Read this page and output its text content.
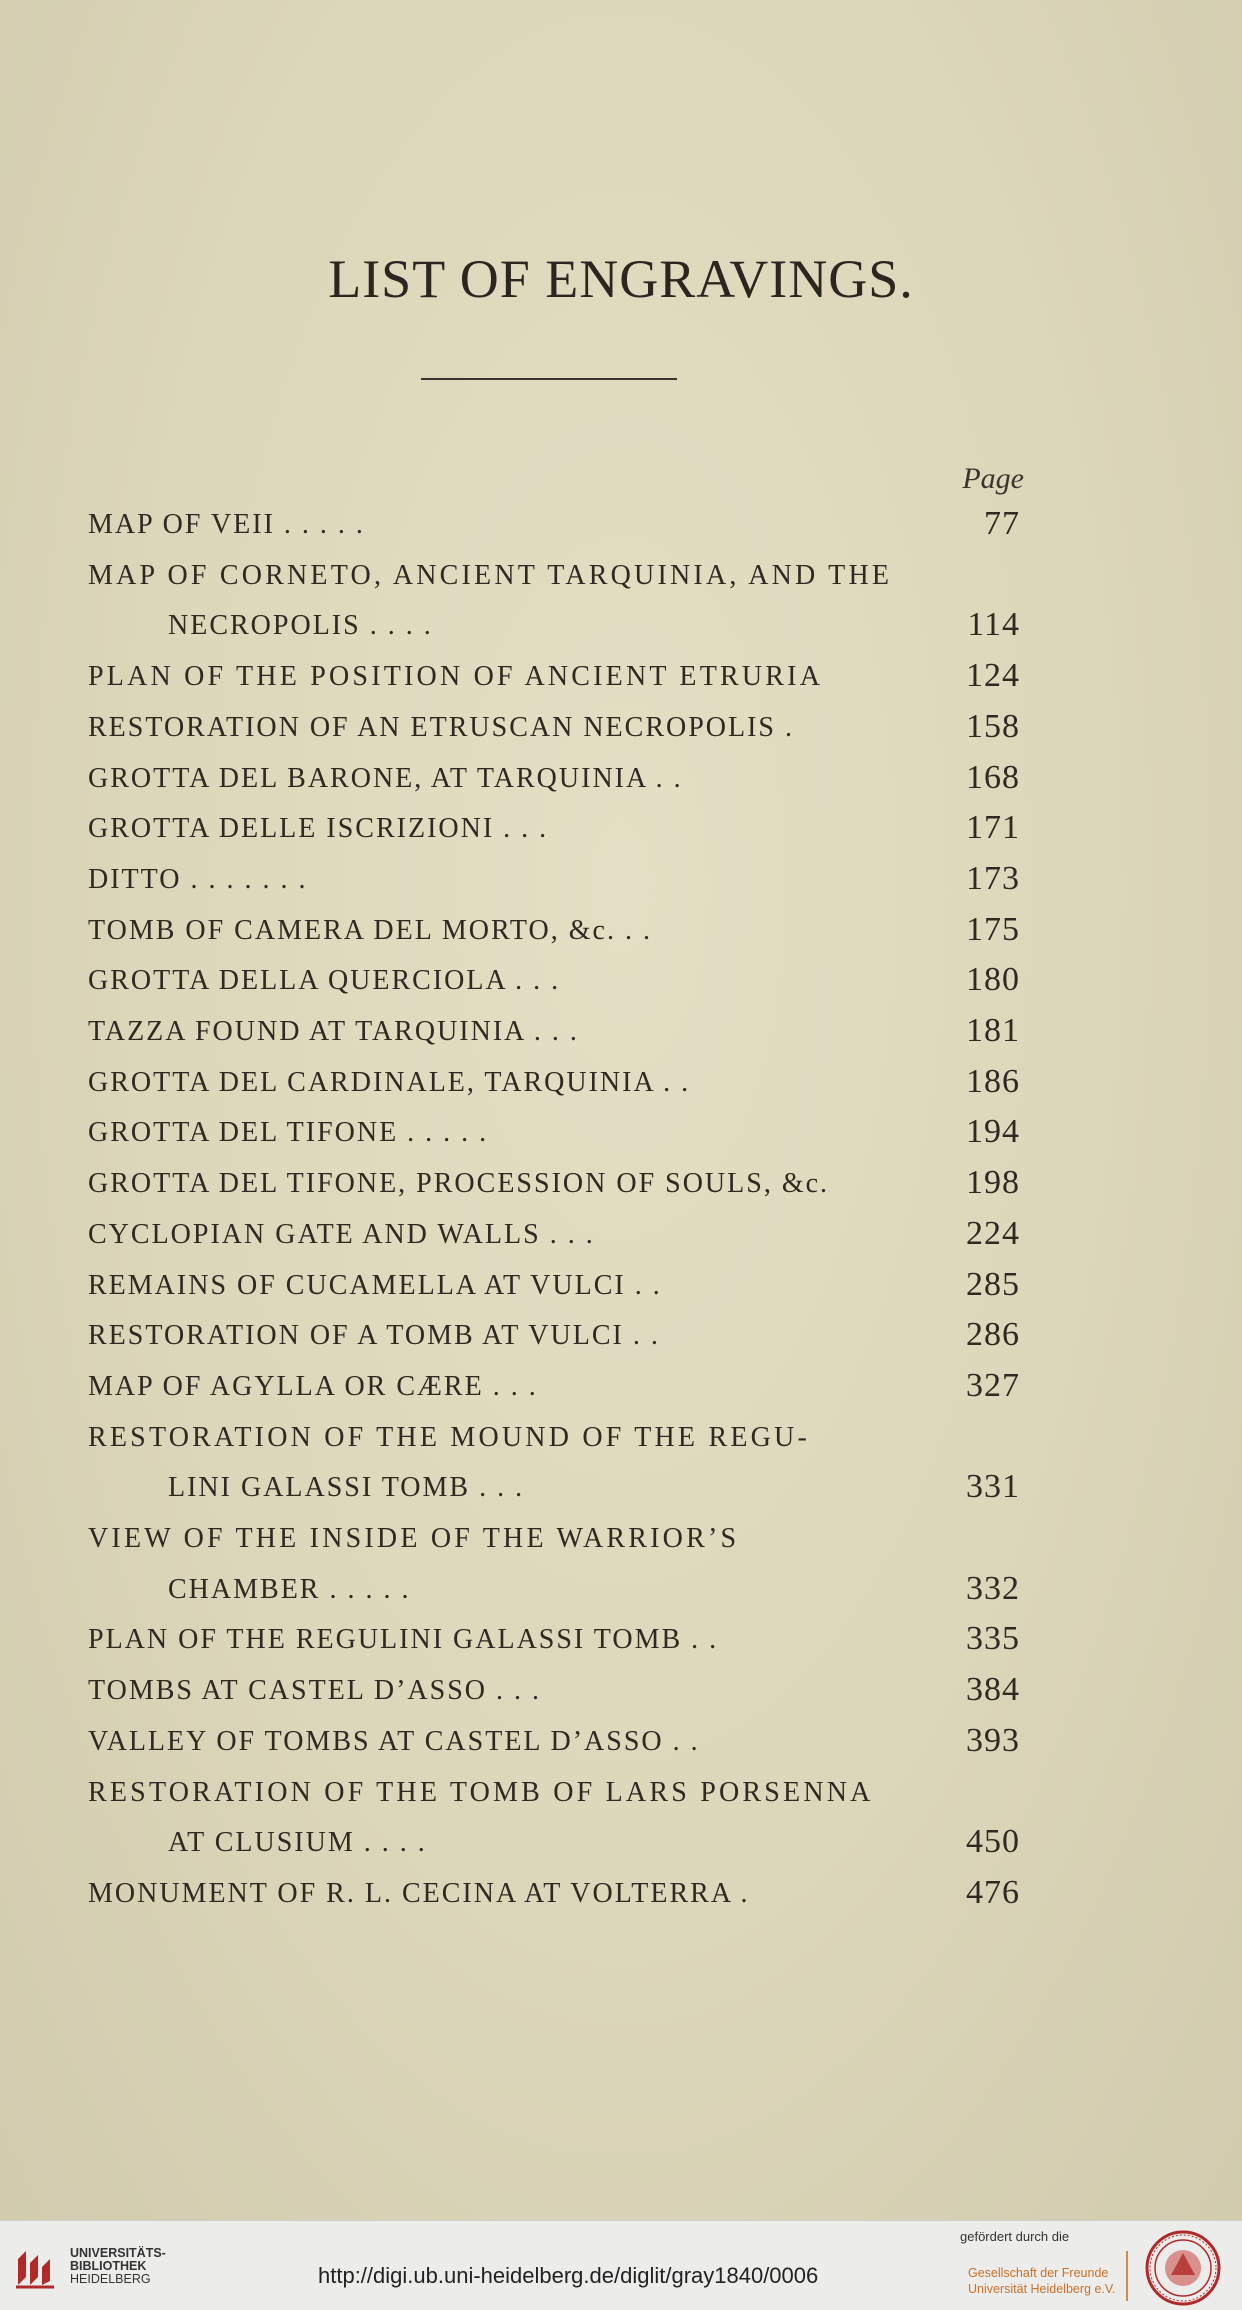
LIST OF ENGRAVINGS.
Page
MAP OF VEII . . . . .	77
MAP OF CORNETO, ANCIENT TARQUINIA, AND THE
NECROPOLIS . . . .	114
PLAN OF THE POSITION OF ANCIENT ETRURIA	124
RESTORATION OF AN ETRUSCAN NECROPOLIS .	158
GROTTA DEL BARONE, AT TARQUINIA . .	168
GROTTA DELLE ISCRIZIONI . . .	171
DITTO . . . . . . .	173
TOMB OF CAMERA DEL MORTO, &c. . .	175
GROTTA DELLA QUERCIOLA . . .	180
TAZZA FOUND AT TARQUINIA . . .	181
GROTTA DEL CARDINALE, TARQUINIA . .	186
GROTTA DEL TIFONE . . . . .	194
GROTTA DEL TIFONE, PROCESSION OF SOULS, &c.	198
CYCLOPIAN GATE AND WALLS . . .	224
REMAINS OF CUCAMELLA AT VULCI . .	285
RESTORATION OF A TOMB AT VULCI . .	286
MAP OF AGYLLA OR CÆRE . . .	327
RESTORATION OF THE MOUND OF THE REGU-
LINI GALASSI TOMB . . .	331
VIEW OF THE INSIDE OF THE WARRIOR’S
CHAMBER . . . . .	332
PLAN OF THE REGULINI GALASSI TOMB . .	335
TOMBS AT CASTEL D’ASSO . . .	384
VALLEY OF TOMBS AT CASTEL D’ASSO . .	393
RESTORATION OF THE TOMB OF LARS PORSENNA
AT CLUSIUM . . . .	450
MONUMENT OF R. L. CECINA AT VOLTERRA .	476
UNIVERSITÄTS-
BIBLIOTHEK
HEIDELBERG	http://digi.ub.uni-heidelberg.de/diglit/gray1840/0006
gefördert durch die
Gesellschaft der Freunde
Universität Heidelberg e.V.
